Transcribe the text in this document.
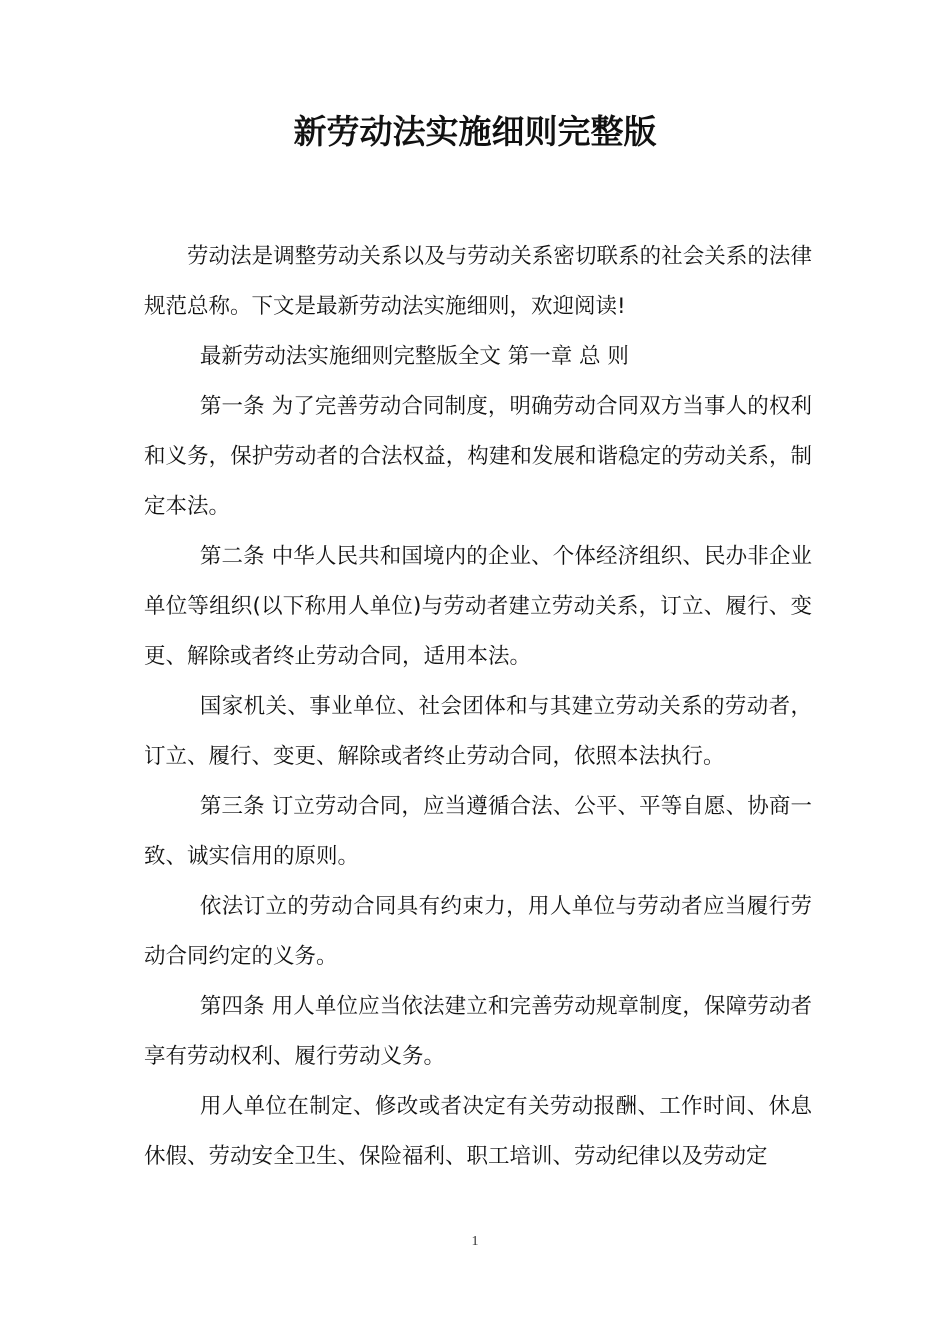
新劳动法实施细则完整版

劳动法是调整劳动关系以及与劳动关系密切联系的社会关系的法律规范总称。下文是最新劳动法实施细则，欢迎阅读!

最新劳动法实施细则完整版全文 第一章 总 则

第一条 为了完善劳动合同制度，明确劳动合同双方当事人的权利和义务，保护劳动者的合法权益，构建和发展和谐稳定的劳动关系，制定本法。

第二条 中华人民共和国境内的企业、个体经济组织、民办非企业单位等组织(以下称用人单位)与劳动者建立劳动关系，订立、履行、变更、解除或者终止劳动合同，适用本法。

国家机关、事业单位、社会团体和与其建立劳动关系的劳动者，订立、履行、变更、解除或者终止劳动合同，依照本法执行。

第三条 订立劳动合同，应当遵循合法、公平、平等自愿、协商一致、诚实信用的原则。

依法订立的劳动合同具有约束力，用人单位与劳动者应当履行劳动合同约定的义务。

第四条 用人单位应当依法建立和完善劳动规章制度，保障劳动者享有劳动权利、履行劳动义务。

用人单位在制定、修改或者决定有关劳动报酬、工作时间、休息休假、劳动安全卫生、保险福利、职工培训、劳动纪律以及劳动定

1
